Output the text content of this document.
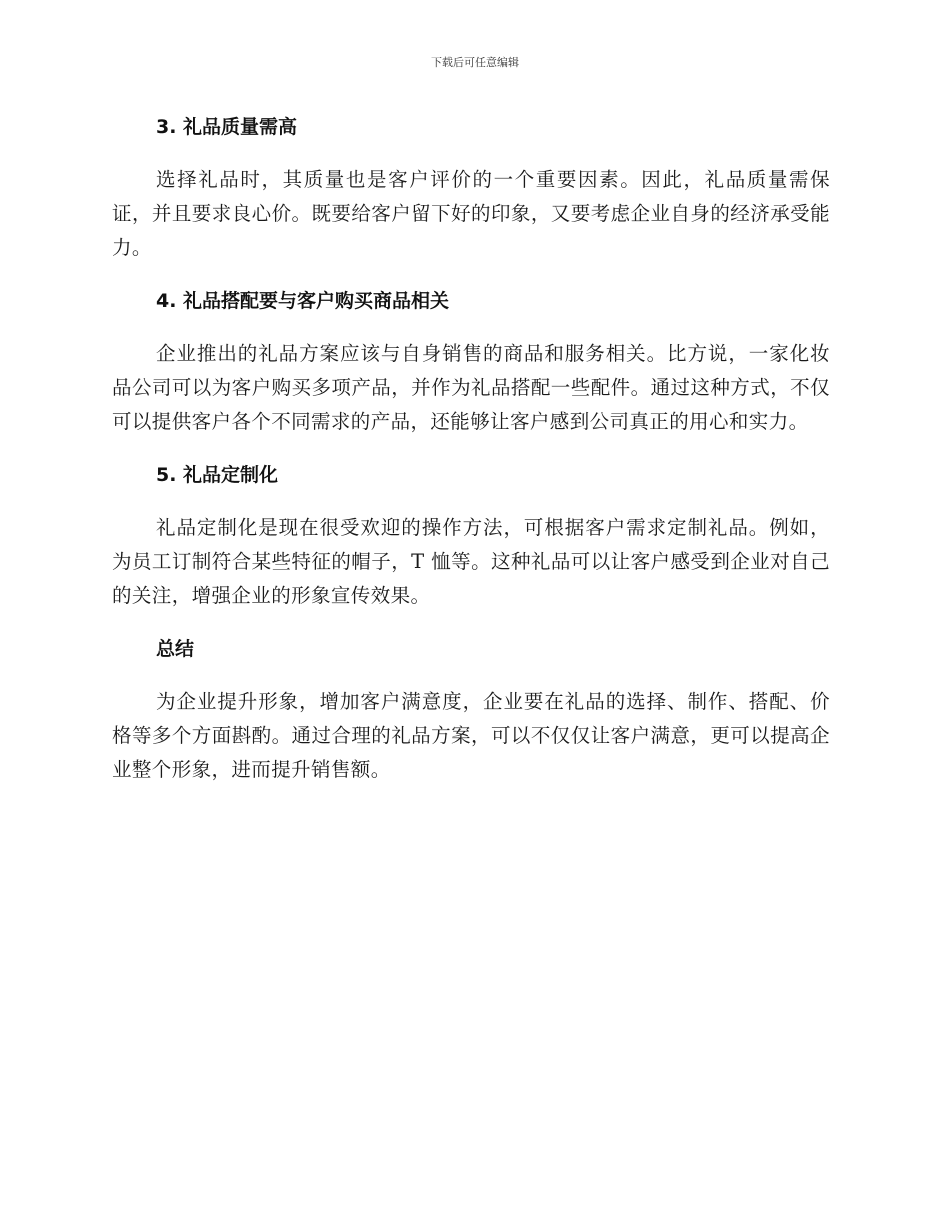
下载后可任意编辑
3. 礼品质量需高
选择礼品时，其质量也是客户评价的一个重要因素。因此，礼品质量需保证，并且要求良心价。既要给客户留下好的印象，又要考虑企业自身的经济承受能力。
4. 礼品搭配要与客户购买商品相关
企业推出的礼品方案应该与自身销售的商品和服务相关。比方说，一家化妆品公司可以为客户购买多项产品，并作为礼品搭配一些配件。通过这种方式，不仅可以提供客户各个不同需求的产品，还能够让客户感到公司真正的用心和实力。
5. 礼品定制化
礼品定制化是现在很受欢迎的操作方法，可根据客户需求定制礼品。例如，为员工订制符合某些特征的帽子，T 恤等。这种礼品可以让客户感受到企业对自己的关注，增强企业的形象宣传效果。
总结
为企业提升形象，增加客户满意度，企业要在礼品的选择、制作、搭配、价格等多个方面斟酌。通过合理的礼品方案，可以不仅仅让客户满意，更可以提高企业整个形象，进而提升销售额。
